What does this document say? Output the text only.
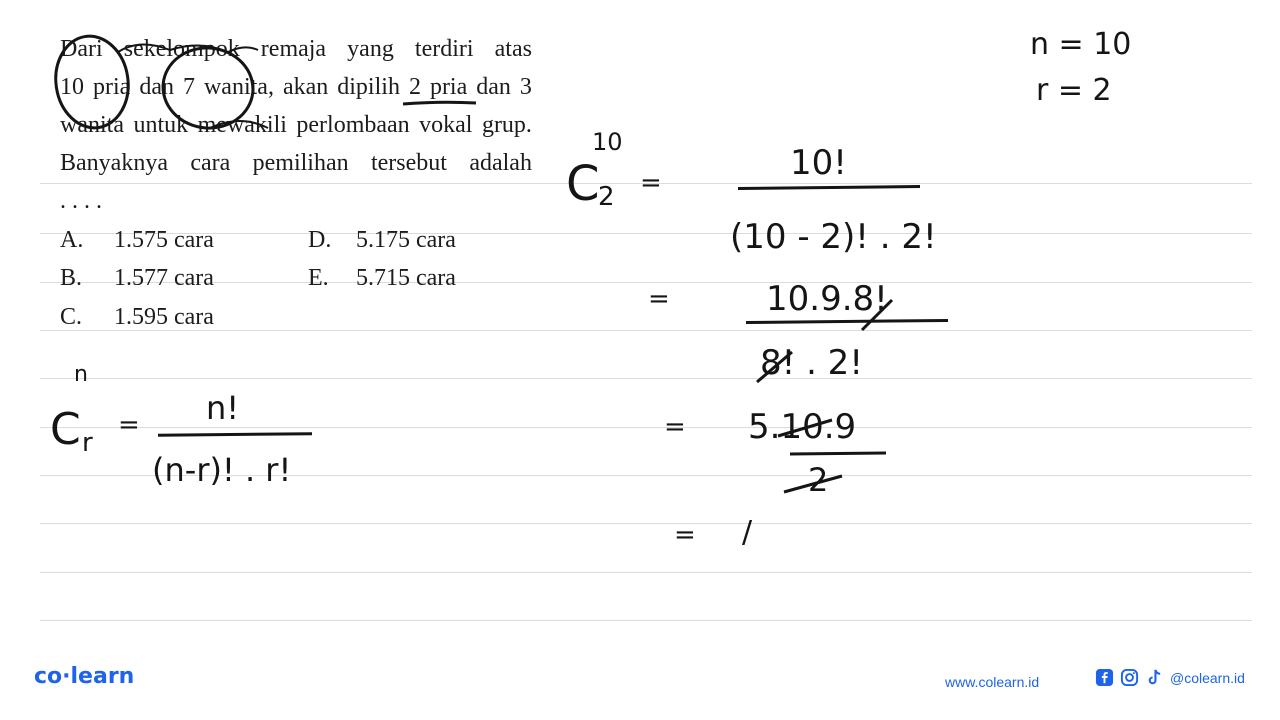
Dari sekelompok remaja yang terdiri atas
10 pria dan 7 wanita, akan dipilih 2 pria dan 3
wanita untuk mewakili perlombaan vokal grup.
Banyaknya cara pemilihan tersebut adalah
. . . .
A. 1.575 cara
B. 1.577 cara
C. 1.595 cara
D. 5.175 cara
E. 5.715 cara
n = 10
r = 2
n
C r
= n!
(n-r)! . r!
10
C
2 =	10!
(10 - 2)! . 2!
=	10.9.8!
8! . 2!
= 5.10.9
2
= /
co·learn	www.colearn.id	@colearn.id
